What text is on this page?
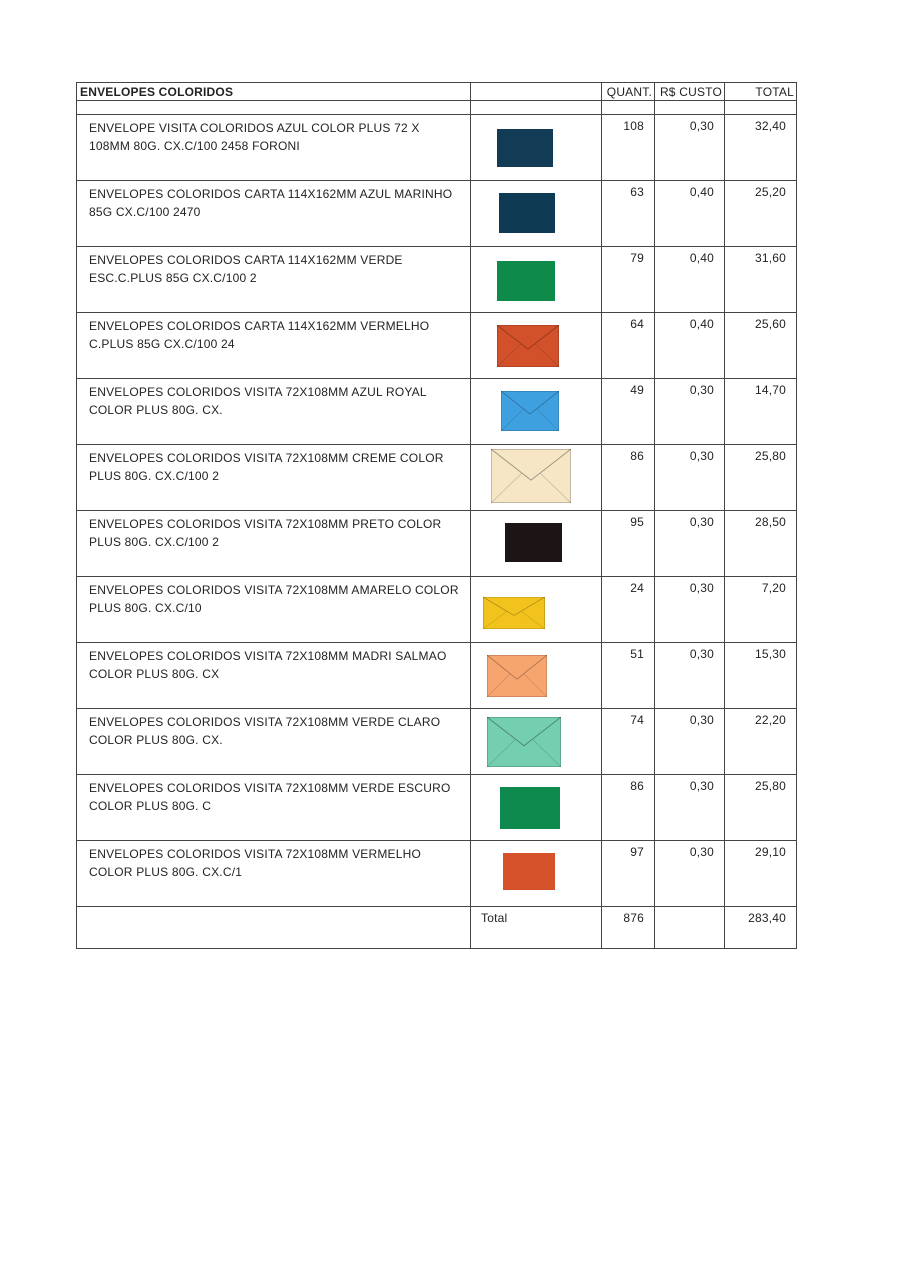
ENVELOPES COLORIDOS		QUANT.	R$ CUSTO	TOTAL

ENVELOPE VISITA COLORIDOS AZUL COLOR PLUS 72 X 108MM 80G. CX.C/100 2458 FORONI		108	0,30	32,40
ENVELOPES COLORIDOS CARTA 114X162MM AZUL MARINHO 85G CX.C/100 2470		63	0,40	25,20
ENVELOPES COLORIDOS CARTA 114X162MM VERDE ESC.C.PLUS 85G CX.C/100 2		79	0,40	31,60
ENVELOPES COLORIDOS CARTA 114X162MM VERMELHO C.PLUS 85G CX.C/100 24		64	0,40	25,60
ENVELOPES COLORIDOS VISITA 72X108MM AZUL ROYAL COLOR PLUS 80G. CX.		49	0,30	14,70
ENVELOPES COLORIDOS VISITA 72X108MM CREME COLOR PLUS 80G. CX.C/100 2		86	0,30	25,80
ENVELOPES COLORIDOS VISITA 72X108MM PRETO COLOR PLUS 80G. CX.C/100 2		95	0,30	28,50
ENVELOPES COLORIDOS VISITA 72X108MM AMARELO COLOR PLUS 80G. CX.C/10		24	0,30	7,20
ENVELOPES COLORIDOS VISITA 72X108MM MADRI SALMAO COLOR PLUS 80G. CX		51	0,30	15,30
ENVELOPES COLORIDOS VISITA 72X108MM VERDE CLARO COLOR PLUS 80G. CX.		74	0,30	22,20
ENVELOPES COLORIDOS VISITA 72X108MM VERDE ESCURO COLOR PLUS 80G. C		86	0,30	25,80
ENVELOPES COLORIDOS VISITA 72X108MM VERMELHO COLOR PLUS 80G. CX.C/1		97	0,30	29,10
	Total	876		283,40
